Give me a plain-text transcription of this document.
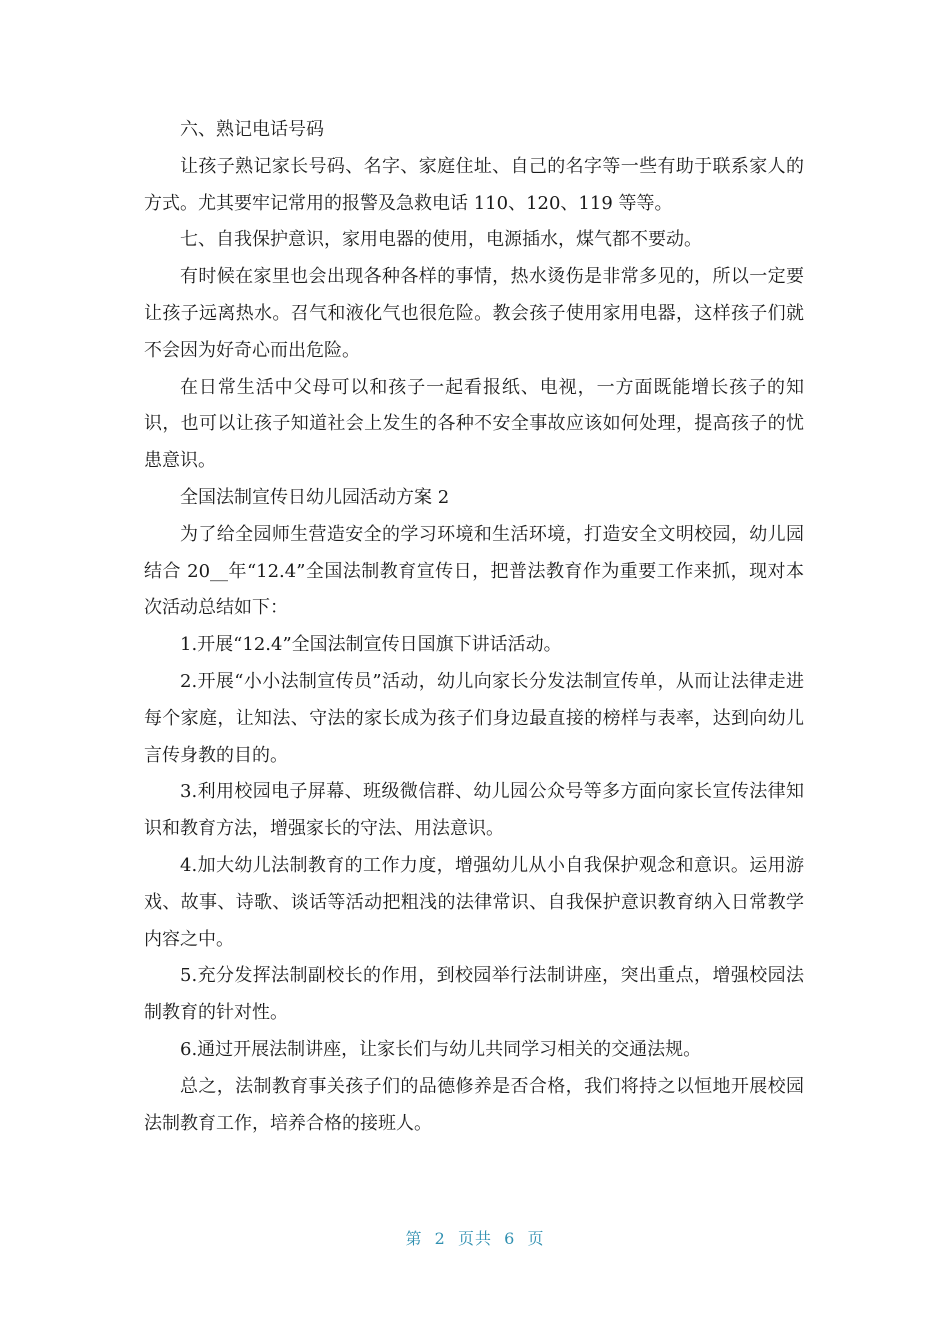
六、熟记电话号码

让孩子熟记家长号码、名字、家庭住址、自己的名字等一些有助于联系家人的方式。尤其要牢记常用的报警及急救电话 110、120、119 等等。

七、自我保护意识，家用电器的使用，电源插水，煤气都不要动。

有时候在家里也会出现各种各样的事情，热水烫伤是非常多见的，所以一定要让孩子远离热水。召气和液化气也很危险。教会孩子使用家用电器，这样孩子们就不会因为好奇心而出危险。

在日常生活中父母可以和孩子一起看报纸、电视，一方面既能增长孩子的知识，也可以让孩子知道社会上发生的各种不安全事故应该如何处理，提高孩子的忧患意识。

全国法制宣传日幼儿园活动方案 2

为了给全园师生营造安全的学习环境和生活环境，打造安全文明校园，幼儿园结合 20__年“12.4”全国法制教育宣传日，把普法教育作为重要工作来抓，现对本次活动总结如下：

1.开展“12.4”全国法制宣传日国旗下讲话活动。

2.开展“小小法制宣传员”活动，幼儿向家长分发法制宣传单，从而让法律走进每个家庭，让知法、守法的家长成为孩子们身边最直接的榜样与表率，达到向幼儿言传身教的目的。

3.利用校园电子屏幕、班级微信群、幼儿园公众号等多方面向家长宣传法律知识和教育方法，增强家长的守法、用法意识。

4.加大幼儿法制教育的工作力度，增强幼儿从小自我保护观念和意识。运用游戏、故事、诗歌、谈话等活动把粗浅的法律常识、自我保护意识教育纳入日常教学内容之中。

5.充分发挥法制副校长的作用，到校园举行法制讲座，突出重点，增强校园法制教育的针对性。

6.通过开展法制讲座，让家长们与幼儿共同学习相关的交通法规。

总之，法制教育事关孩子们的品德修养是否合格，我们将持之以恒地开展校园法制教育工作，培养合格的接班人。

第  2  页共  6  页
